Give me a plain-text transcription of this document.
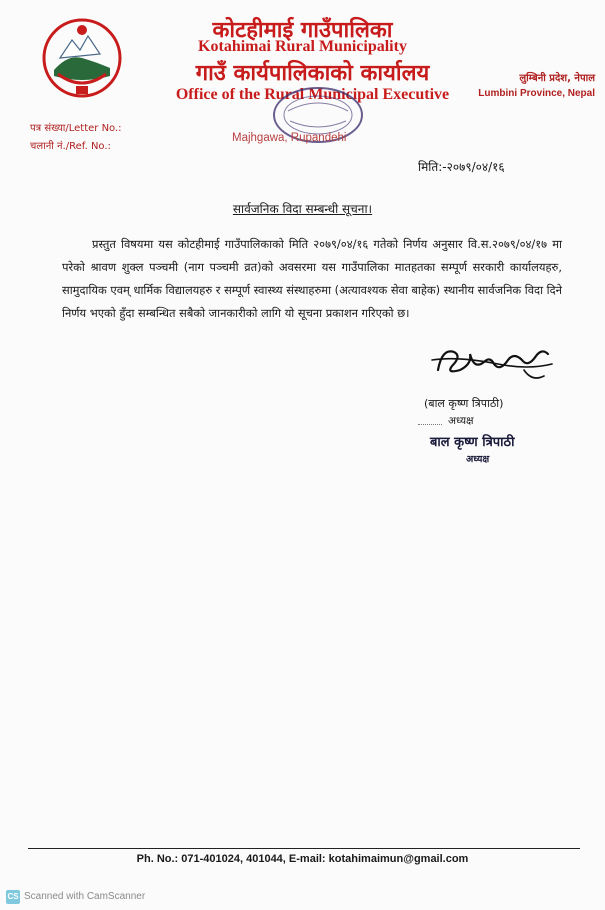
कोटहीमाई गाउँपालिका
Kotahimai Rural Municipality
गाउँ कार्यपालिकाको कार्यालय
Office of the Rural Municipal Executive
लुम्बिनी प्रदेश, नेपाल
Lumbini Province, Nepal
पत्र संख्या/Letter No.:
चलानी नं./Ref. No.:
Majhgawa, Rupandehi
मिति:-२०७९/०४/१६
सार्वजनिक विदा सम्बन्धी सूचना।
प्रस्तुत विषयमा यस कोटहीमाई गाउँपालिकाको मिति २०७९/०४/१६ गतेको निर्णय अनुसार वि.स.२०७९/०४/१७ मा परेको श्रावण शुक्ल पञ्चमी (नाग पञ्चमी व्रत)को अवसरमा यस गाउँपालिका मातहतका सम्पूर्ण सरकारी कार्यालयहरु, सामुदायिक एवम् धार्मिक विद्यालयहरु र सम्पूर्ण स्वास्थ्य संस्थाहरुमा (अत्यावश्यक सेवा बाहेक) स्थानीय सार्वजनिक विदा दिने निर्णय भएको हुँदा सम्बन्धित सबैको जानकारीको लागि यो सूचना प्रकाशन गरिएको छ।
(बाल कृष्ण त्रिपाठी)
अध्यक्ष
बाल कृष्ण त्रिपाठी
अध्यक्ष
Ph. No.: 071-401024, 401044, E-mail: kotahimaimun@gmail.com
CS Scanned with CamScanner
